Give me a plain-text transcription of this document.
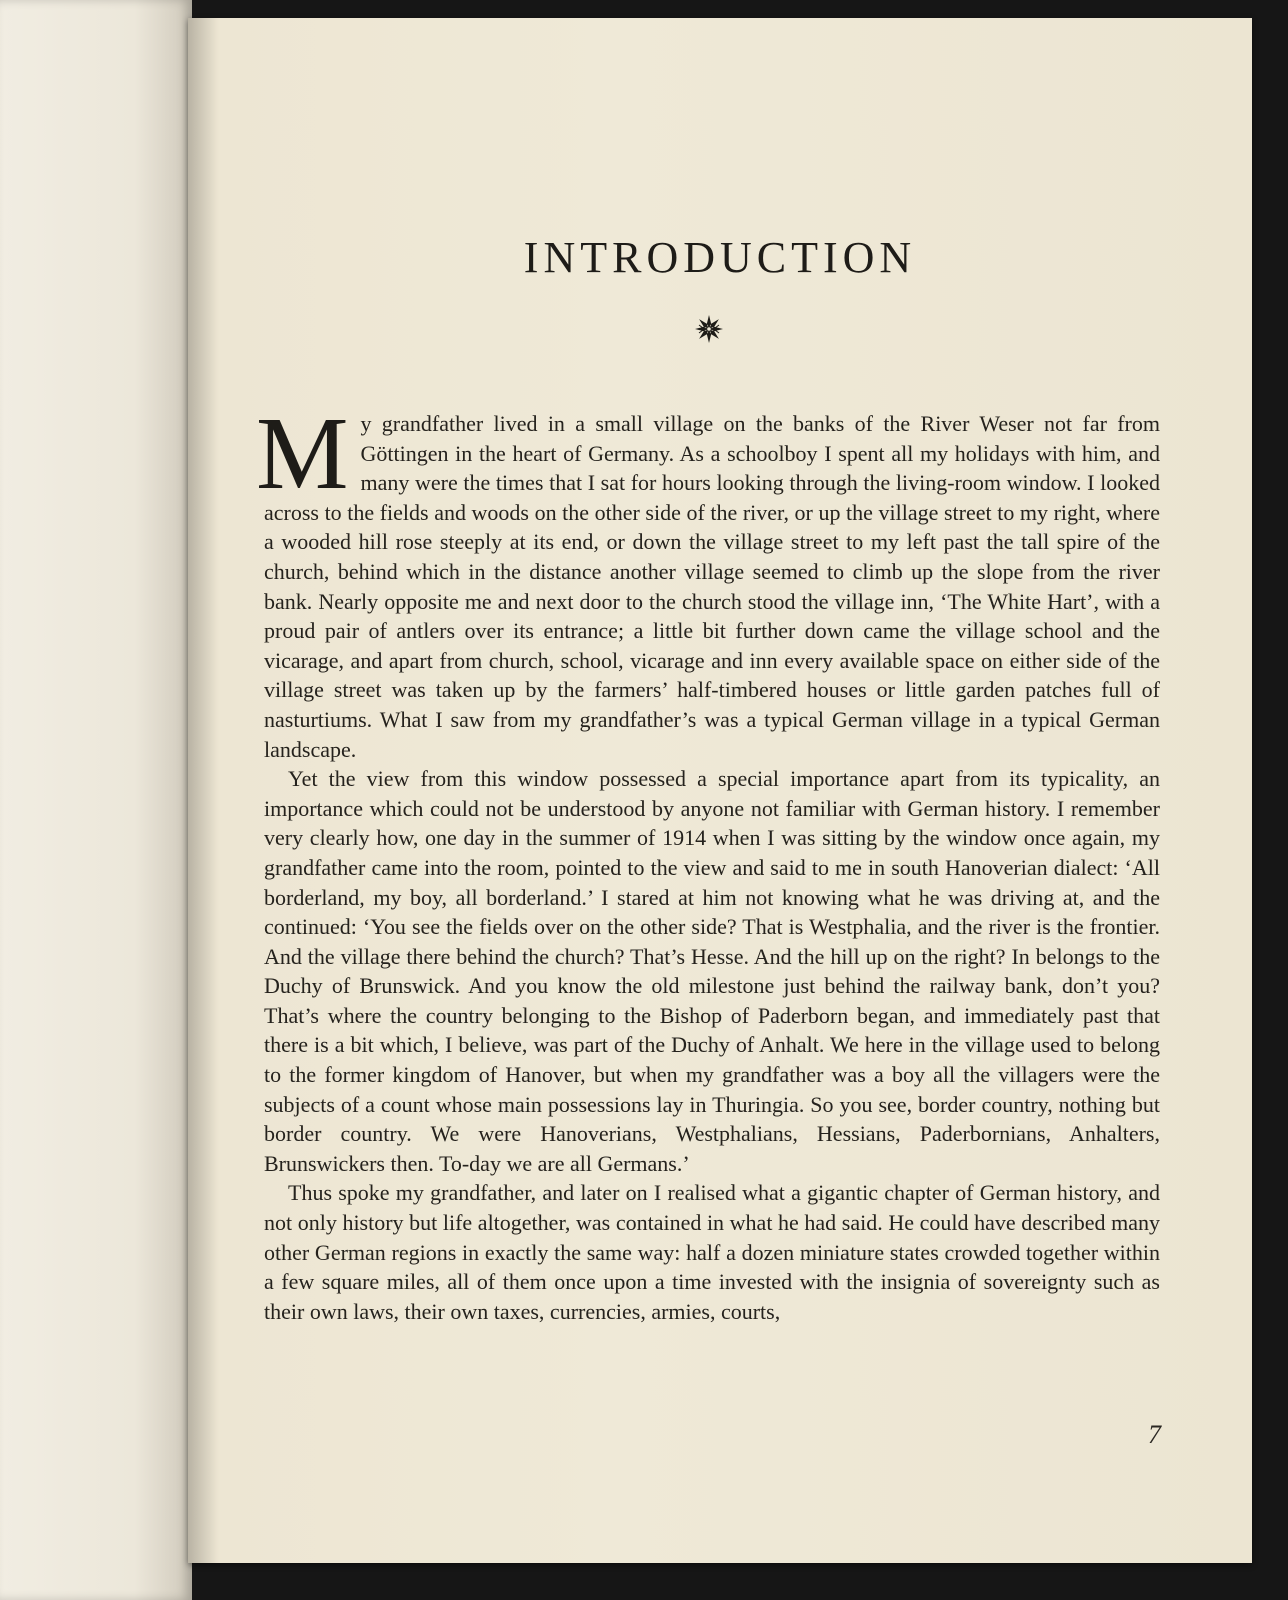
INTRODUCTION

My grandfather lived in a small village on the banks of the River Weser not far from Göttingen in the heart of Germany. As a schoolboy I spent all my holidays with him, and many were the times that I sat for hours looking through the living-room window. I looked across to the fields and woods on the other side of the river, or up the village street to my right, where a wooded hill rose steeply at its end, or down the village street to my left past the tall spire of the church, behind which in the distance another village seemed to climb up the slope from the river bank. Nearly opposite me and next door to the church stood the village inn, ‘The White Hart’, with a proud pair of antlers over its entrance; a little bit further down came the village school and the vicarage, and apart from church, school, vicarage and inn every available space on either side of the village street was taken up by the farmers’ half-timbered houses or little garden patches full of nasturtiums. What I saw from my grandfather’s was a typical German village in a typical German landscape.

Yet the view from this window possessed a special importance apart from its typicality, an importance which could not be understood by anyone not familiar with German history. I remember very clearly how, one day in the summer of 1914 when I was sitting by the window once again, my grandfather came into the room, pointed to the view and said to me in south Hanoverian dialect: ‘All borderland, my boy, all borderland.’ I stared at him not knowing what he was driving at, and the continued: ‘You see the fields over on the other side? That is Westphalia, and the river is the frontier. And the village there behind the church? That’s Hesse. And the hill up on the right? In belongs to the Duchy of Brunswick. And you know the old milestone just behind the railway bank, don’t you? That’s where the country belonging to the Bishop of Paderborn began, and immediately past that there is a bit which, I believe, was part of the Duchy of Anhalt. We here in the village used to belong to the former kingdom of Hanover, but when my grandfather was a boy all the villagers were the subjects of a count whose main possessions lay in Thuringia. So you see, border country, nothing but border country. We were Hanoverians, Westphalians, Hessians, Paderbornians, Anhalters, Brunswickers then. To-day we are all Germans.’

Thus spoke my grandfather, and later on I realised what a gigantic chapter of German history, and not only history but life altogether, was contained in what he had said. He could have described many other German regions in exactly the same way: half a dozen miniature states crowded together within a few square miles, all of them once upon a time invested with the insignia of sovereignty such as their own laws, their own taxes, currencies, armies, courts,

7
